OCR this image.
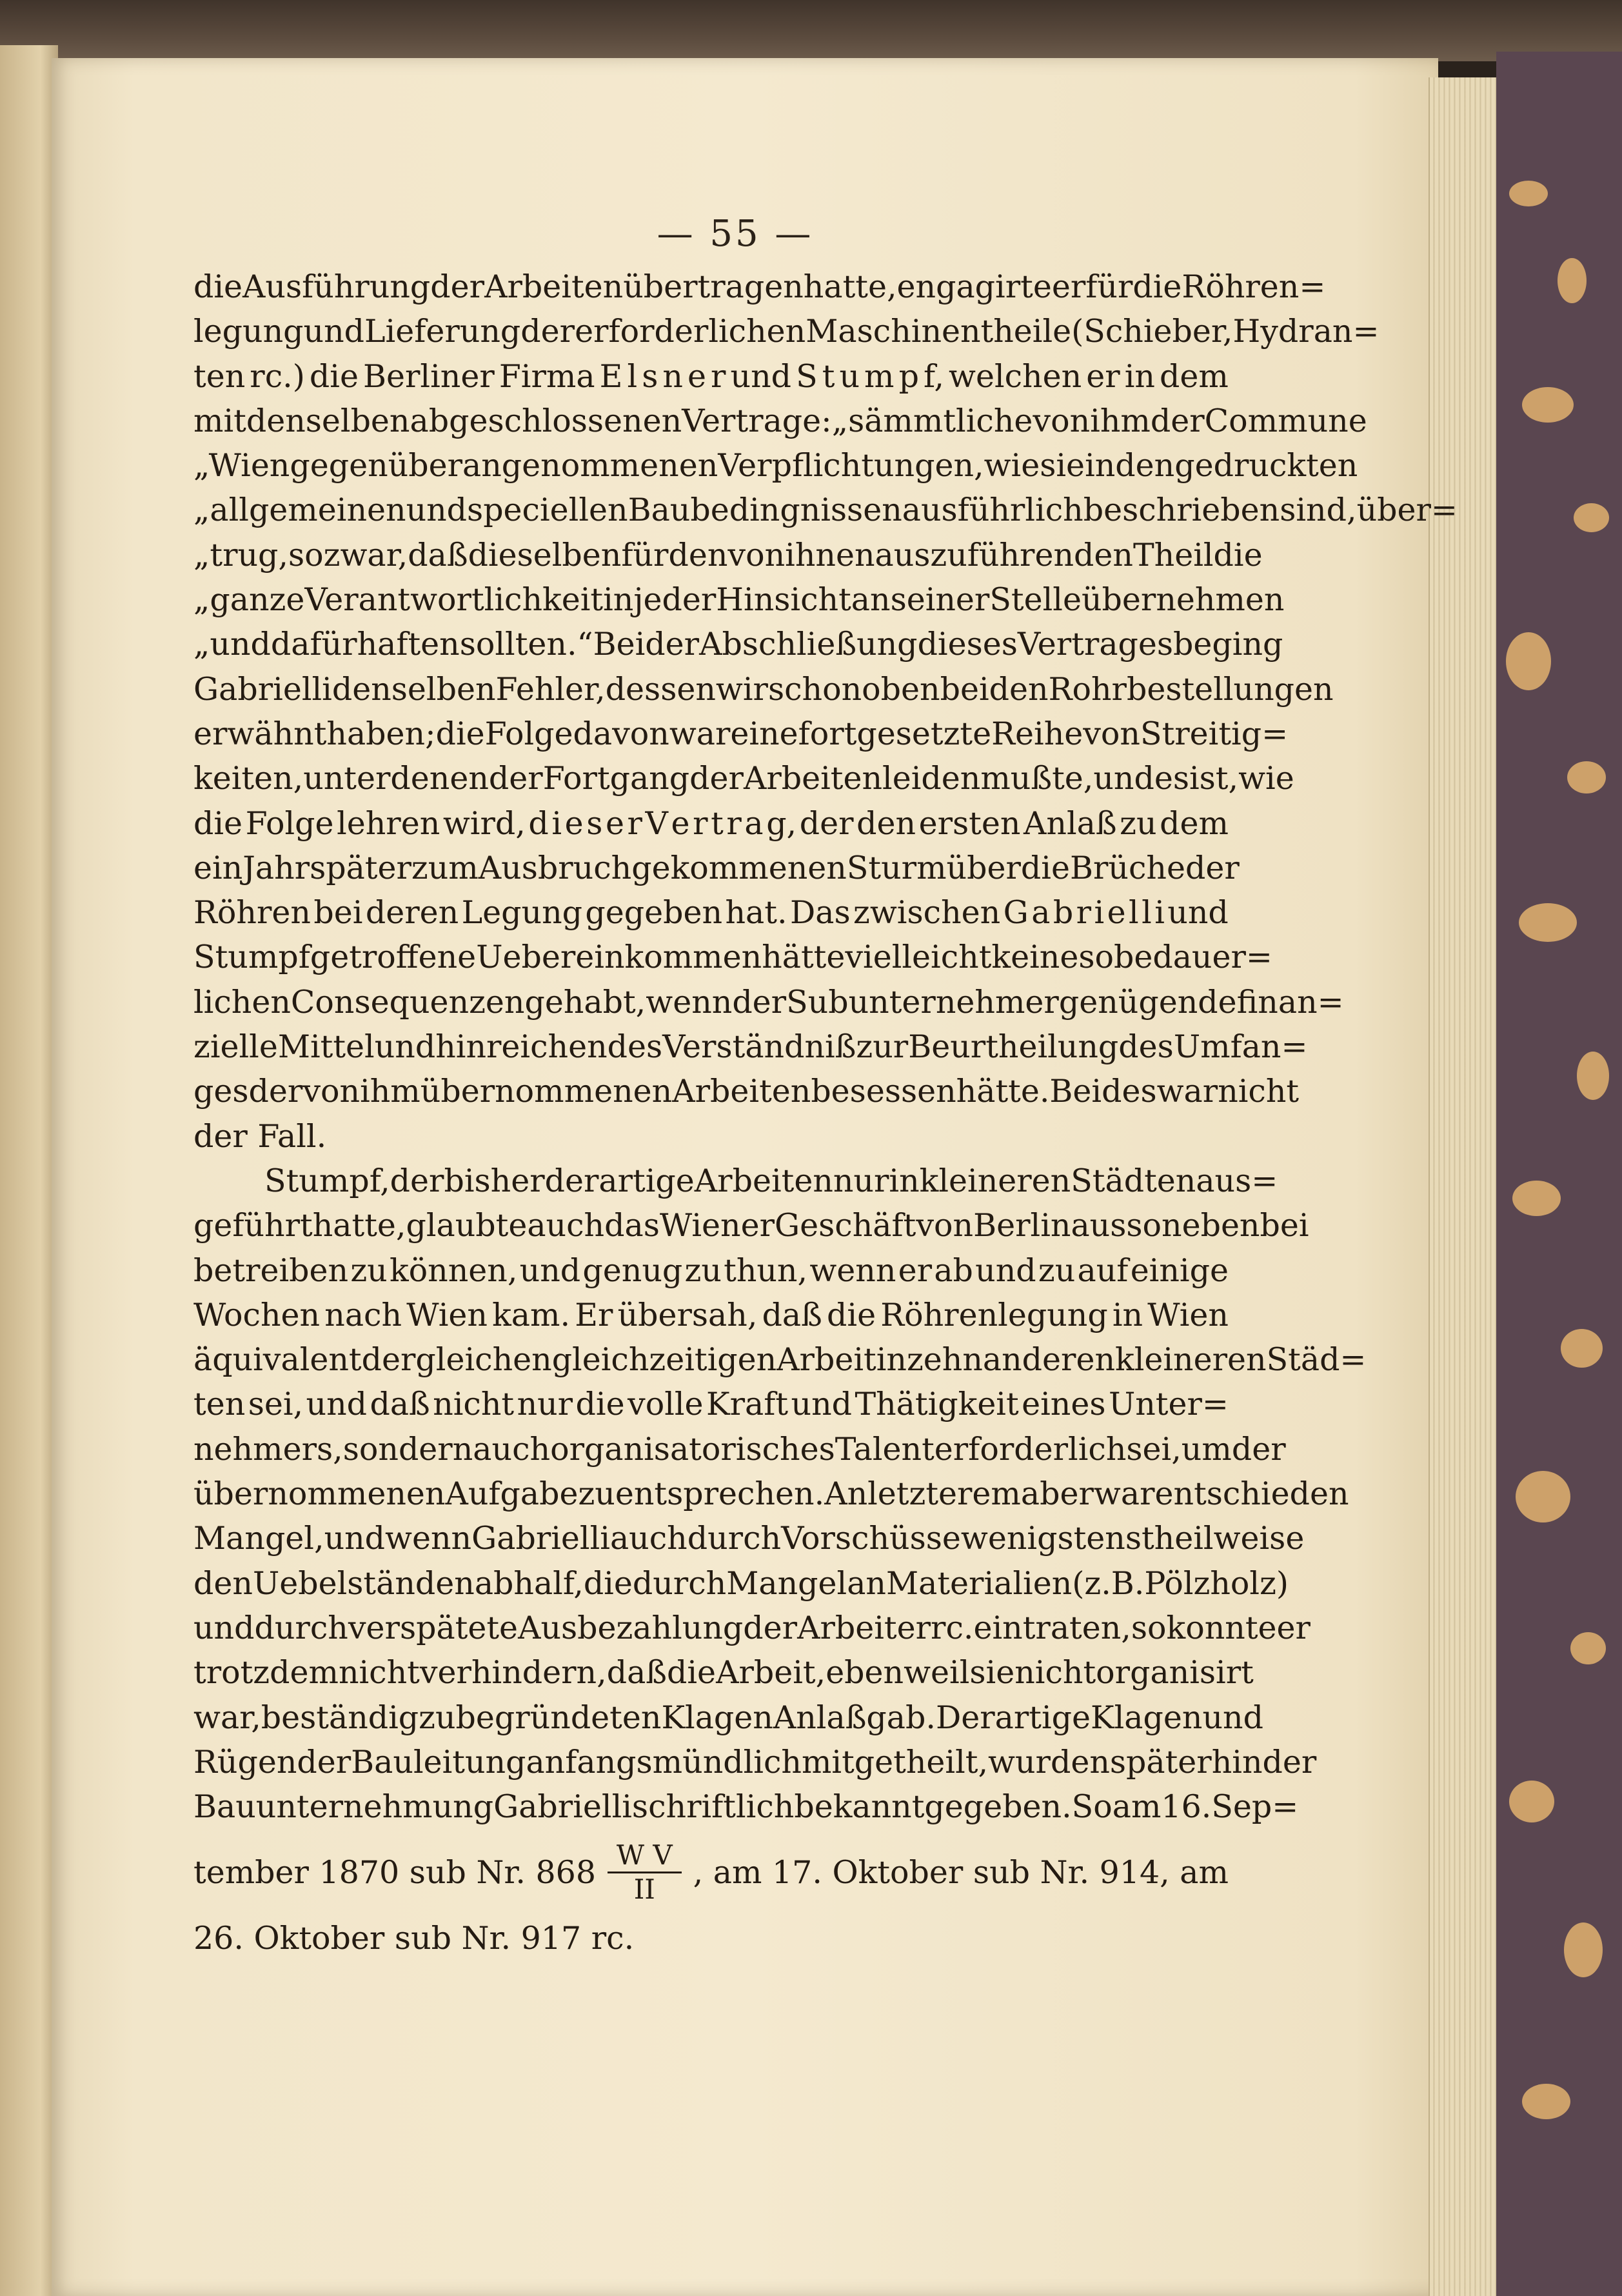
— 55 —
die Ausführung der Arbeiten übertragen hatte, engagirte er für die Röhren=
legung und Lieferung der erforderlichen Maschinentheile (Schieber, Hydran=
ten rc.) die Berliner Firma E l s n e r und S t u m p f, welchen er in dem
mit denselben abgeschlossenen Vertrage: „sämmtliche von ihm der Commune
„Wien gegenüber angenommenen Verpflichtungen, wie sie in den gedruckten
„allgemeinen und speciellen Baubedingnissen ausführlich beschrieben sind, über=
„trug, so zwar, daß dieselben für den von ihnen auszuführenden Theil die
„ganze Verantwortlichkeit in jeder Hinsicht an seiner Stelle übernehmen
„und dafür haften sollten.“ Bei der Abschließung dieses Vertrages beging
Gabrielli denselben Fehler, dessen wir schon oben bei den Rohrbestellungen
erwähnt haben; die Folge davon war eine fortgesetzte Reihe von Streitig=
keiten, unter denen der Fortgang der Arbeiten leiden mußte, und es ist, wie
die Folge lehren wird, d i e s e r V e r t r a g, der den ersten Anlaß zu dem
ein Jahr später zum Ausbruch gekommenen Sturm über die Brüche der
Röhren bei deren Legung gegeben hat. Das zwischen G a b r i e l l i und
S t u m p f getroffene Uebereinkommen hätte vielleicht keine so bedauer=
lichen Consequenzen gehabt, wenn der Subunternehmer genügende finan=
zielle Mittel und hinreichendes Verständniß zur Beurtheilung des Umfan=
ges der von ihm übernommenen Arbeiten besessen hätte. Beides war nicht
der Fall.
S t u m p f, der bisher derartige Arbeiten nur in kleineren Städten aus=
geführt hatte, glaubte auch das Wiener Geschäft von Berlin aus so nebenbei
betreiben zu können, und genug zu thun, wenn er ab und zu auf einige
Wochen nach Wien kam. Er übersah, daß die Röhrenlegung in Wien
äquivalent der gleichen gleichzeitigen Arbeit in zehn anderen kleineren Städ=
ten sei, und daß nicht nur die volle Kraft und Thätigkeit eines Unter=
nehmers, sondern auch organisatorisches Talent erforderlich sei, um der
übernommenen Aufgabe zu entsprechen. An letzterem aber war entschieden
Mangel, und wenn Gabrielli auch durch Vorschüsse wenigstens theilweise
den Uebelständen abhalf, die durch Mangel an Materialien (z. B. Pölzholz)
und durch verspätete Ausbezahlung der Arbeiter rc. eintraten, so konnte er
trotzdem nicht verhindern, daß die Arbeit, eben weil sie nicht organisirt
war, beständig zu begründeten Klagen Anlaß gab. Derartige Klagen und
Rügen der Bauleitung anfangs mündlich mitgetheilt, wurden späterhin der
Bauunternehmung Gabrielli schriftlich bekannt gegeben. So am 16. Sep=
tember 1870 sub Nr. $868 \frac{\text{W V}}{II}$ , am 17. Oktober sub Nr. 914, am
26. Oktober sub Nr. 917 rc.
